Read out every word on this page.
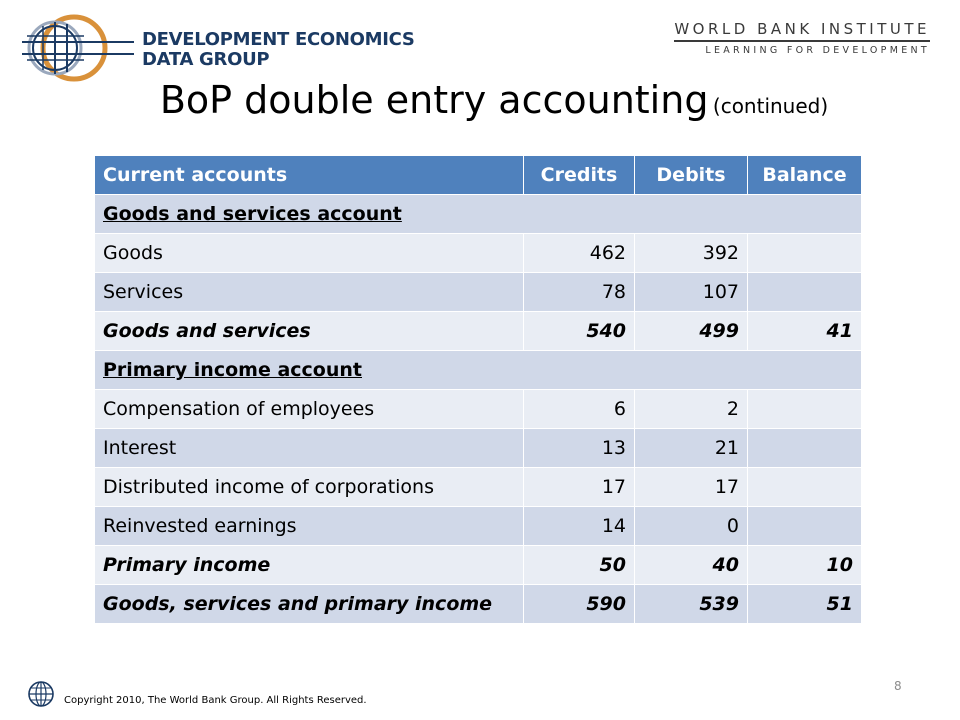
DEVELOPMENT ECONOMICS
DATA GROUP
WORLD BANK INSTITUTE
LEARNING FOR DEVELOPMENT
BoP double entry accounting (continued)
Current accounts	Credits	Debits	Balance
Goods and services account			
Goods	462	392	
Services	78	107	
Goods and services	540	499	41
Primary income account			
Compensation of employees	6	2	
Interest	13	21	
Distributed income of corporations	17	17	
Reinvested earnings	14	0	
Primary income	50	40	10
Goods, services and primary income	590	539	51
Copyright 2010, The World Bank Group. All Rights Reserved.
8
